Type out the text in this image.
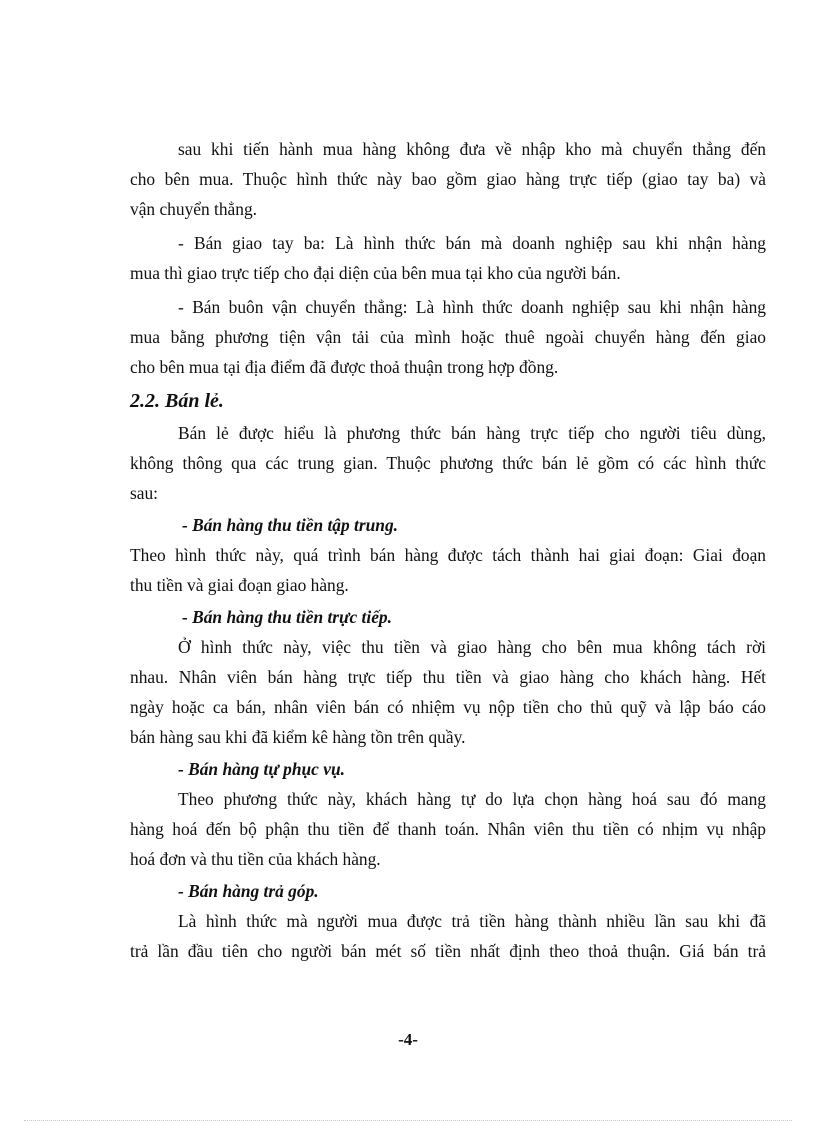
sau khi tiến hành mua hàng không đưa về nhập kho mà chuyển thẳng đến
cho bên mua. Thuộc hình thức này bao gồm giao hàng trực tiếp (giao tay ba) và
vận chuyển thẳng.
- Bán giao tay ba: Là hình thức bán mà doanh nghiệp sau khi nhận hàng
mua thì giao trực tiếp cho đại diện của bên mua tại kho của người bán.
- Bán buôn vận chuyển thẳng: Là hình thức doanh nghiệp sau khi nhận hàng
mua bằng phương tiện vận tải của mình hoặc thuê ngoài chuyển hàng đến giao
cho bên mua tại địa điểm đã được thoả thuận trong hợp đồng.
2.2. Bán lẻ.
Bán lẻ được hiểu là phương thức bán hàng trực tiếp cho người tiêu dùng,
không thông qua các trung gian. Thuộc phương thức bán lẻ gồm có các hình thức
sau:
- Bán hàng thu tiền tập trung.
Theo hình thức này, quá trình bán hàng được tách thành hai giai đoạn: Giai đoạn
thu tiền và giai đoạn giao hàng.
- Bán hàng thu tiền trực tiếp.
Ở hình thức này, việc thu tiền và giao hàng cho bên mua không tách rời
nhau. Nhân viên bán hàng trực tiếp thu tiền và giao hàng cho khách hàng. Hết
ngày hoặc ca bán, nhân viên bán có nhiệm vụ nộp tiền cho thủ quỹ và lập báo cáo
bán hàng sau khi đã kiểm kê hàng tồn trên quầy.
- Bán hàng tự phục vụ.
Theo phương thức này, khách hàng tự do lựa chọn hàng hoá sau đó mang
hàng hoá đến bộ phận thu tiền để thanh toán. Nhân viên thu tiền có nhịm vụ nhập
hoá đơn và thu tiền của khách hàng.
- Bán hàng trả góp.
Là hình thức mà người mua được trả tiền hàng thành nhiều lần sau khi đã
trả lần đầu tiên cho người bán mét số tiền nhất định theo thoả thuận. Giá bán trả
-4-
